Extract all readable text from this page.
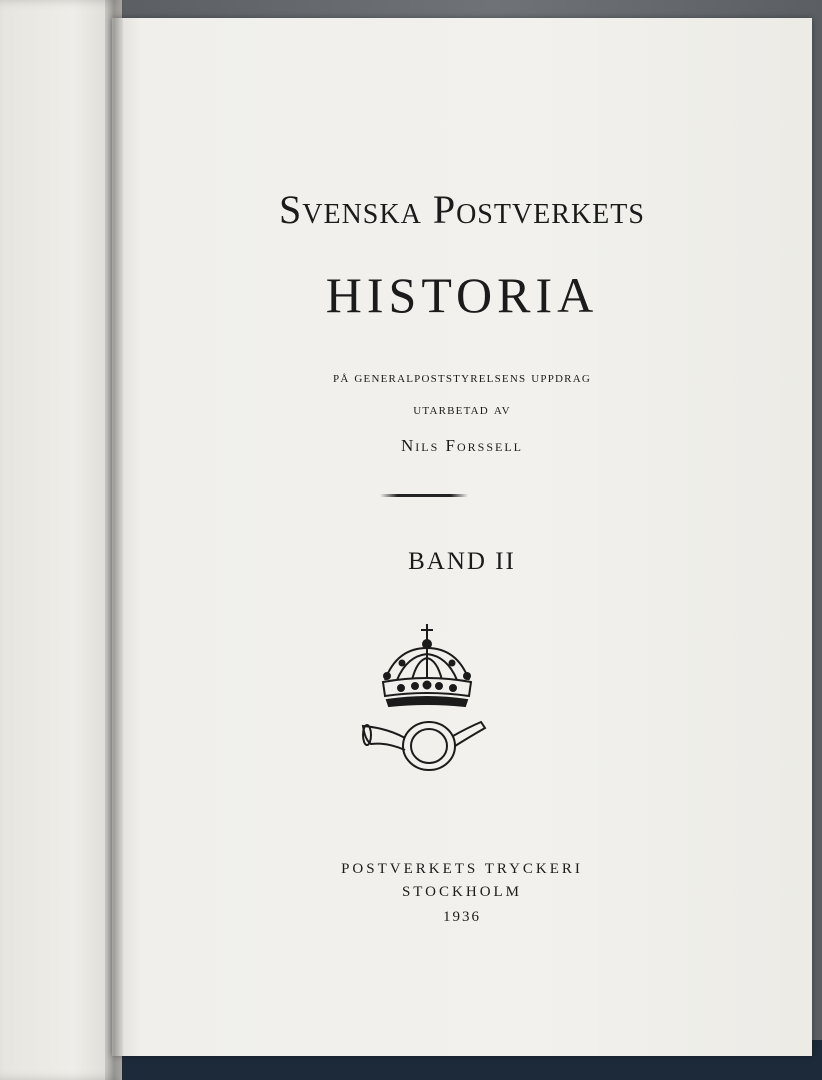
Svenska Postverkets
HISTORIA
på generalpoststyrelsens uppdrag
utarbetad av
Nils Forssell
BAND II
POSTVERKETS TRYCKERI
STOCKHOLM
1936
